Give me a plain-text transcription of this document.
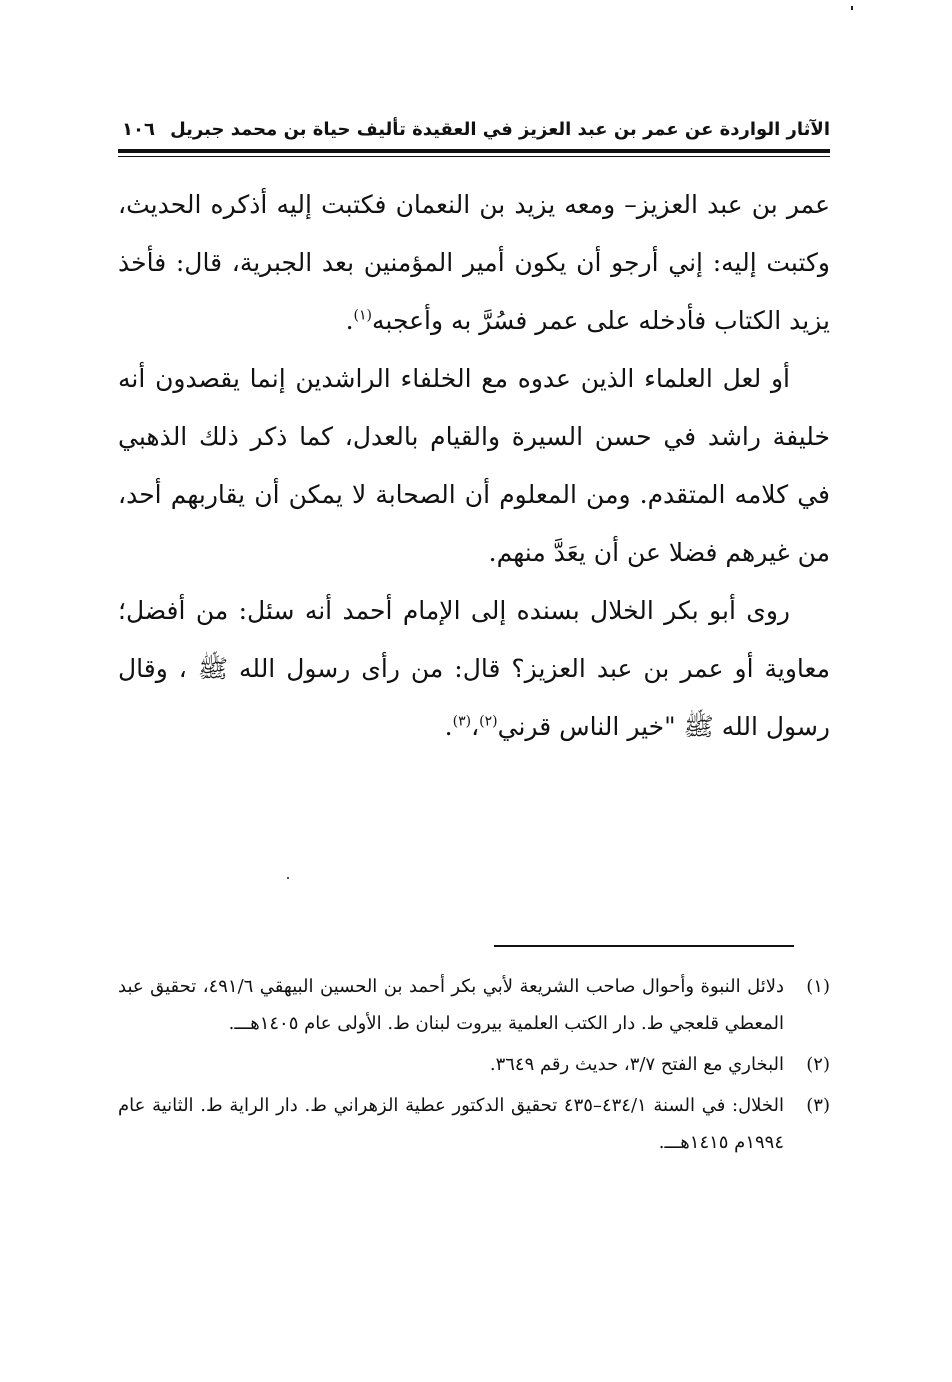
الآثار الواردة عن عمر بن عبد العزيز في العقيدة تأليف حياة بن محمد جبريل
١٠٦

عمر بن عبد العزيز– ومعه يزيد بن النعمان فكتبت إليه أذكره الحديث، وكتبت إليه: إني أرجو أن يكون أمير المؤمنين بعد الجبرية، قال: فأخذ يزيد الكتاب فأدخله على عمر فسُرَّ به وأعجبه$^{(١)}$.

أو لعل العلماء الذين عدوه مع الخلفاء الراشدين إنما يقصدون أنه خليفة راشد في حسن السيرة والقيام بالعدل، كما ذكر ذلك الذهبي في كلامه المتقدم. ومن المعلوم أن الصحابة لا يمكن أن يقاربهم أحد، من غيرهم فضلا عن أن يعَدَّ منهم.

روى أبو بكر الخلال بسنده إلى الإمام أحمد أنه سئل: من أفضل؛ معاوية أو عمر بن عبد العزيز؟ قال: من رأى رسول الله ﷺ ، وقال رسول الله ﷺ "خير الناس قرني$^{(٢)}$،$^{(٣)}$.

(١)
دلائل النبوة وأحوال صاحب الشريعة لأبي بكر أحمد بن الحسين البيهقي ٤٩١/٦، تحقيق عبد المعطي قلعجي ط. دار الكتب العلمية بيروت لبنان ط. الأولى عام ١٤٠٥هـــ.
(٢)
البخاري مع الفتح ٣/٧، حديث رقم ٣٦٤٩.
(٣)
الخلال: في السنة ٤٣٤/١–٤٣٥ تحقيق الدكتور عطية الزهراني ط. دار الراية ط. الثانية عام ١٩٩٤م ١٤١٥هـــ.
